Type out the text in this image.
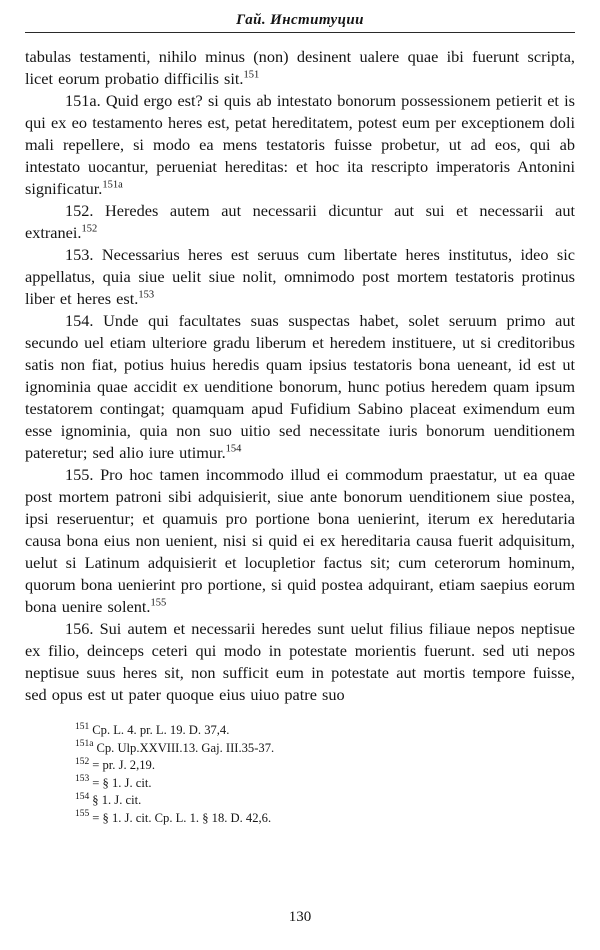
Гай. Институции

tabulas testamenti, nihilo minus (non) desinent ualere quae ibi fuerunt scripta, licet eorum probatio difficilis sit.$^{151}$

151a. Quid ergo est? si quis ab intestato bonorum possessionem petierit et is qui ex eo testamento heres est, petat hereditatem, potest eum per exceptionem doli mali repellere, si modo ea mens testatoris fuisse probetur, ut ad eos, qui ab intestato uocantur, perueniat hereditas: et hoc ita rescripto imperatoris Antonini significatur.$^{151a}$

152. Heredes autem aut necessarii dicuntur aut sui et necessarii aut extranei.$^{152}$

153. Necessarius heres est seruus cum libertate heres institutus, ideo sic appellatus, quia siue uelit siue nolit, omnimodo post mortem testatoris protinus liber et heres est.$^{153}$

154. Unde qui facultates suas suspectas habet, solet seruum primo aut secundo uel etiam ulteriore gradu liberum et heredem instituere, ut si creditoribus satis non fiat, potius huius heredis quam ipsius testatoris bona ueneant, id est ut ignominia quae accidit ex uenditione bonorum, hunc potius heredem quam ipsum testatorem contingat; quamquam apud Fufidium Sabino placeat eximendum eum esse ignominia, quia non suo uitio sed necessitate iuris bonorum uenditionem pateretur; sed alio iure utimur.$^{154}$

155. Pro hoc tamen incommodo illud ei commodum praestatur, ut ea quae post mortem patroni sibi adquisierit, siue ante bonorum uenditionem siue postea, ipsi reseruentur; et quamuis pro portione bona uenierint, iterum ex heredutaria causa bona eius non uenient, nisi si quid ei ex hereditaria causa fuerit adquisitum, uelut si Latinum adquisierit et locupletior factus sit; cum ceterorum hominum, quorum bona uenierint pro portione, si quid postea adquirant, etiam saepius eorum bona uenire solent.$^{155}$

156. Sui autem et necessarii heredes sunt uelut filius filiaue nepos neptisue ex filio, deinceps ceteri qui modo in potestate morientis fuerunt. sed uti nepos neptisue suus heres sit, non sufficit eum in potestate aut mortis tempore fuisse, sed opus est ut pater quoque eius uiuo patre suo

$^{151}$ Cp. L. 4. pr. L. 19. D. 37,4.

$^{151a}$ Cp. Ulp.XXVIII.13. Gaj. III.35-37.

$^{152}$ = pr. J. 2,19.

$^{153}$ = § 1. J. cit.

$^{154}$ § 1. J. cit.

$^{155}$ = § 1. J. cit. Cp. L. 1. § 18. D. 42,6.

130
